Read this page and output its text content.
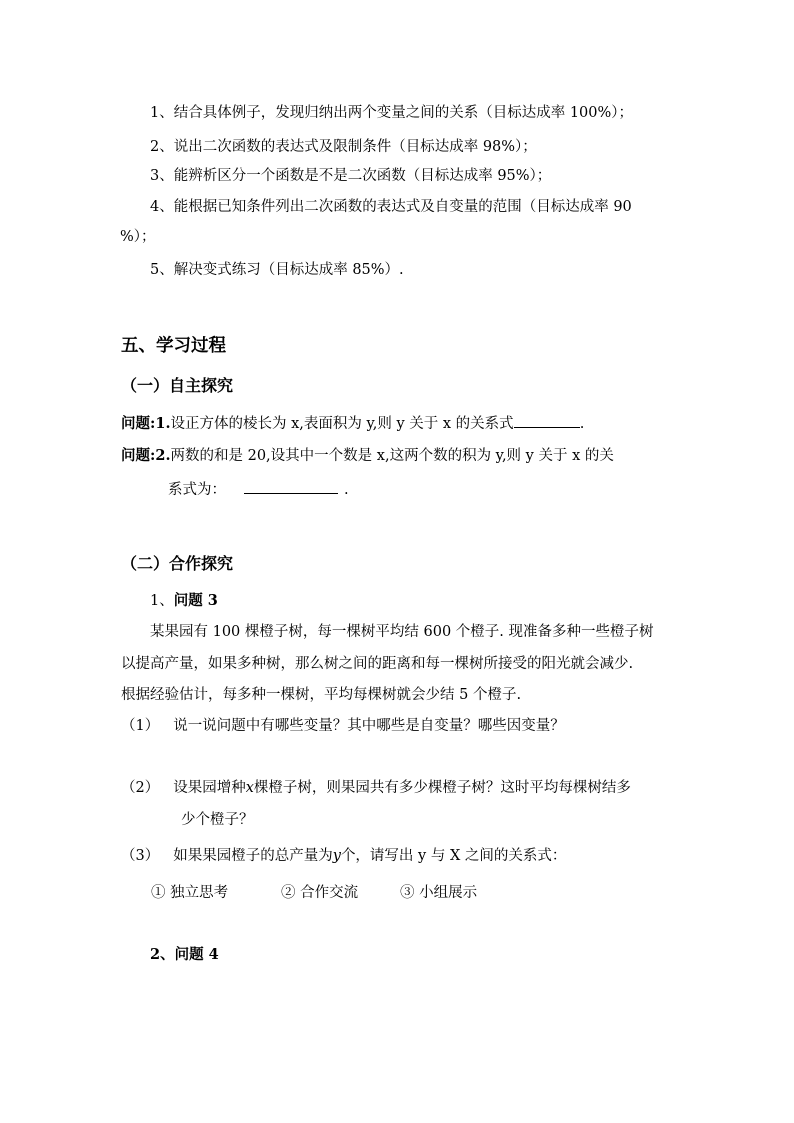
1、结合具体例子，发现归纳出两个变量之间的关系（目标达成率 100%）；
2、说出二次函数的表达式及限制条件（目标达成率 98%）；
3、能辨析区分一个函数是不是二次函数（目标达成率 95%）；
4、能根据已知条件列出二次函数的表达式及自变量的范围（目标达成率 90
%）；
5、解决变式练习（目标达成率 85%）.
五、学习过程
（一）自主探究
问题:1.设正方体的棱长为 x,表面积为 y,则 y 关于 x 的关系式	.
问题:2.两数的和是 20,设其中一个数是 x,这两个数的积为 y,则 y 关于 x 的关
系式为：	.
（二）合作探究
1、问题 3
某果园有 100 棵橙子树，每一棵树平均结 600 个橙子. 现准备多种一些橙子树
以提高产量，如果多种树，那么树之间的距离和每一棵树所接受的阳光就会减少.
根据经验估计，每多种一棵树，平均每棵树就会少结 5 个橙子.
（1） 说一说问题中有哪些变量？其中哪些是自变量？哪些因变量？
（2） 设果园增种x棵橙子树，则果园共有多少棵橙子树？这时平均每棵树结多
少个橙子？
（3） 如果果园橙子的总产量为y个，请写出 y 与 X 之间的关系式：
① 独立思考	② 合作交流	③ 小组展示
2、问题 4
